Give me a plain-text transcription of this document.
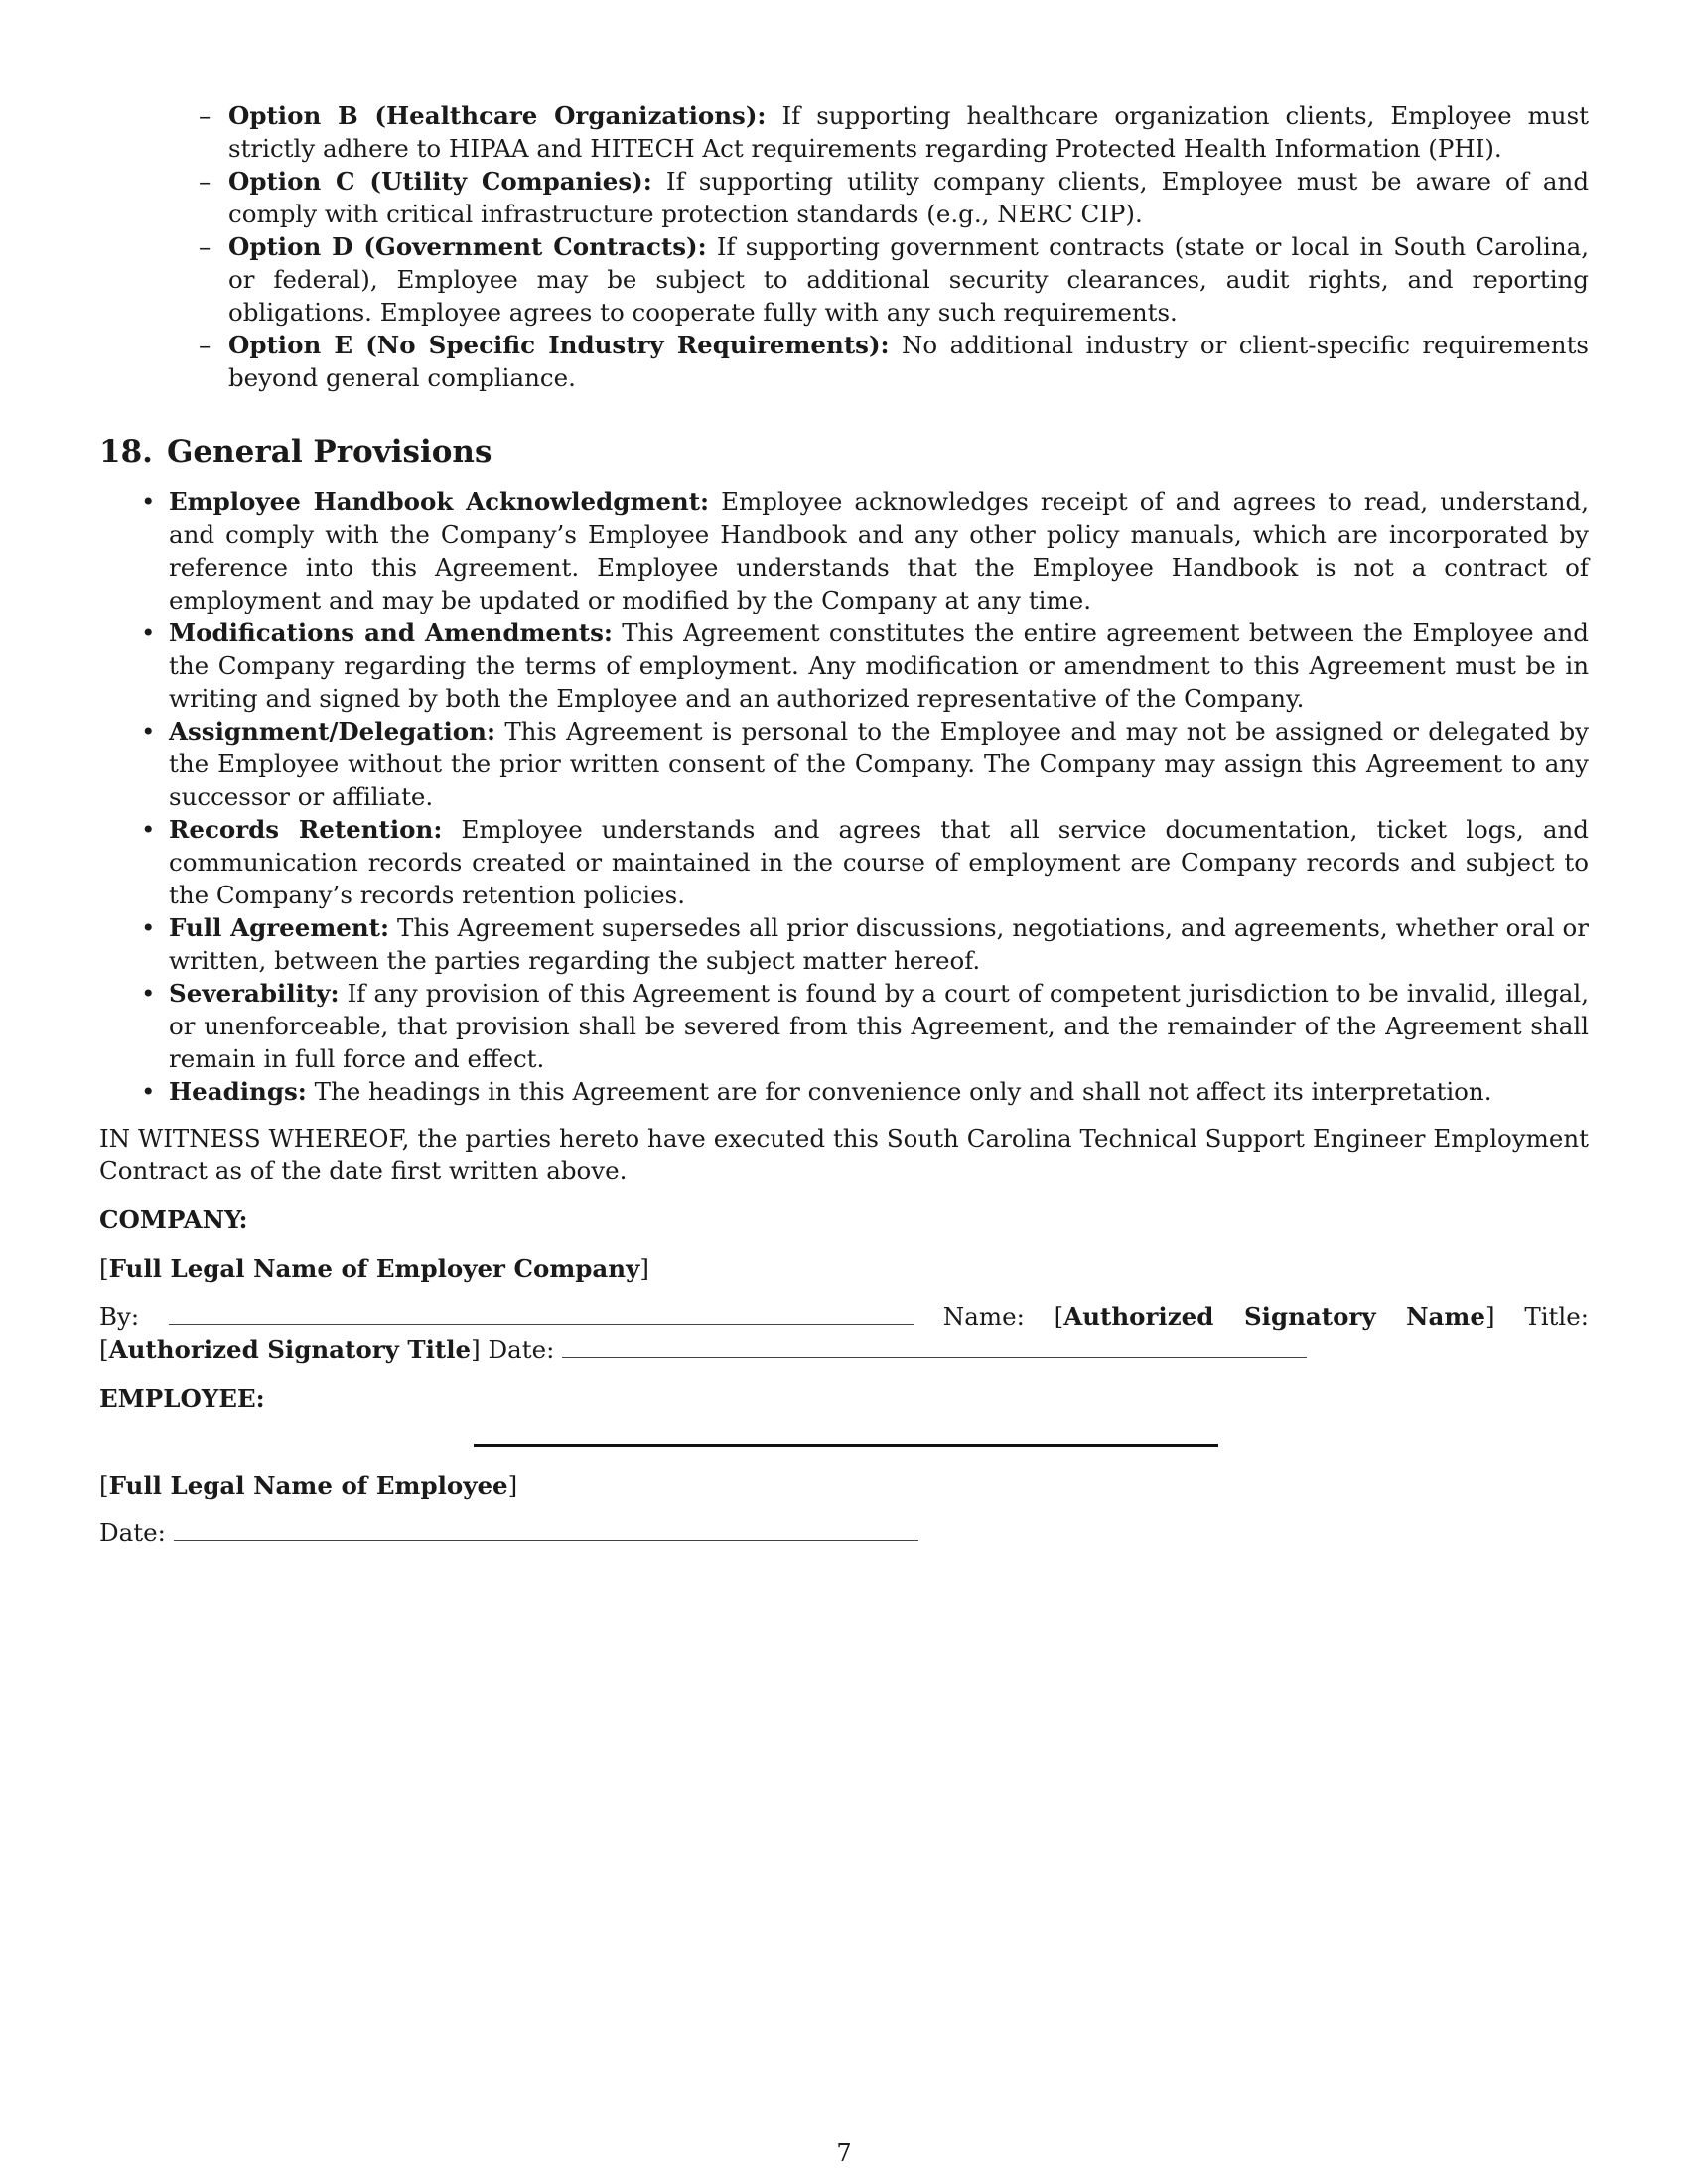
– Option B (Healthcare Organizations): If supporting healthcare organization clients, Employee must strictly adhere to HIPAA and HITECH Act requirements regarding Protected Health Information (PHI).
– Option C (Utility Companies): If supporting utility company clients, Employee must be aware of and comply with critical infrastructure protection standards (e.g., NERC CIP).
– Option D (Government Contracts): If supporting government contracts (state or local in South Carolina, or federal), Employee may be subject to additional security clearances, audit rights, and reporting obligations. Employee agrees to cooperate fully with any such requirements.
– Option E (No Specific Industry Requirements): No additional industry or client-specific requirements beyond general compliance.
18. General Provisions
• Employee Handbook Acknowledgment: Employee acknowledges receipt of and agrees to read, understand, and comply with the Company’s Employee Handbook and any other policy manuals, which are incorporated by reference into this Agreement. Employee understands that the Employee Handbook is not a contract of employment and may be updated or modified by the Company at any time.
• Modifications and Amendments: This Agreement constitutes the entire agreement between the Employee and the Company regarding the terms of employment. Any modification or amendment to this Agreement must be in writing and signed by both the Employee and an authorized representative of the Company.
• Assignment/Delegation: This Agreement is personal to the Employee and may not be assigned or delegated by the Employee without the prior written consent of the Company. The Company may assign this Agreement to any successor or affiliate.
• Records Retention: Employee understands and agrees that all service documentation, ticket logs, and communication records created or maintained in the course of employment are Company records and subject to the Company’s records retention policies.
• Full Agreement: This Agreement supersedes all prior discussions, negotiations, and agreements, whether oral or written, between the parties regarding the subject matter hereof.
• Severability: If any provision of this Agreement is found by a court of competent jurisdiction to be invalid, illegal, or unenforceable, that provision shall be severed from this Agreement, and the remainder of the Agreement shall remain in full force and effect.
• Headings: The headings in this Agreement are for convenience only and shall not affect its interpretation.

IN WITNESS WHEREOF, the parties hereto have executed this South Carolina Technical Support Engineer Employment Contract as of the date first written above.

COMPANY:
[Full Legal Name of Employer Company]
By:	Name: [Authorized Signatory Name] Title: [Authorized Signatory Title] Date:
EMPLOYEE:
[Full Legal Name of Employee]
Date:
7
